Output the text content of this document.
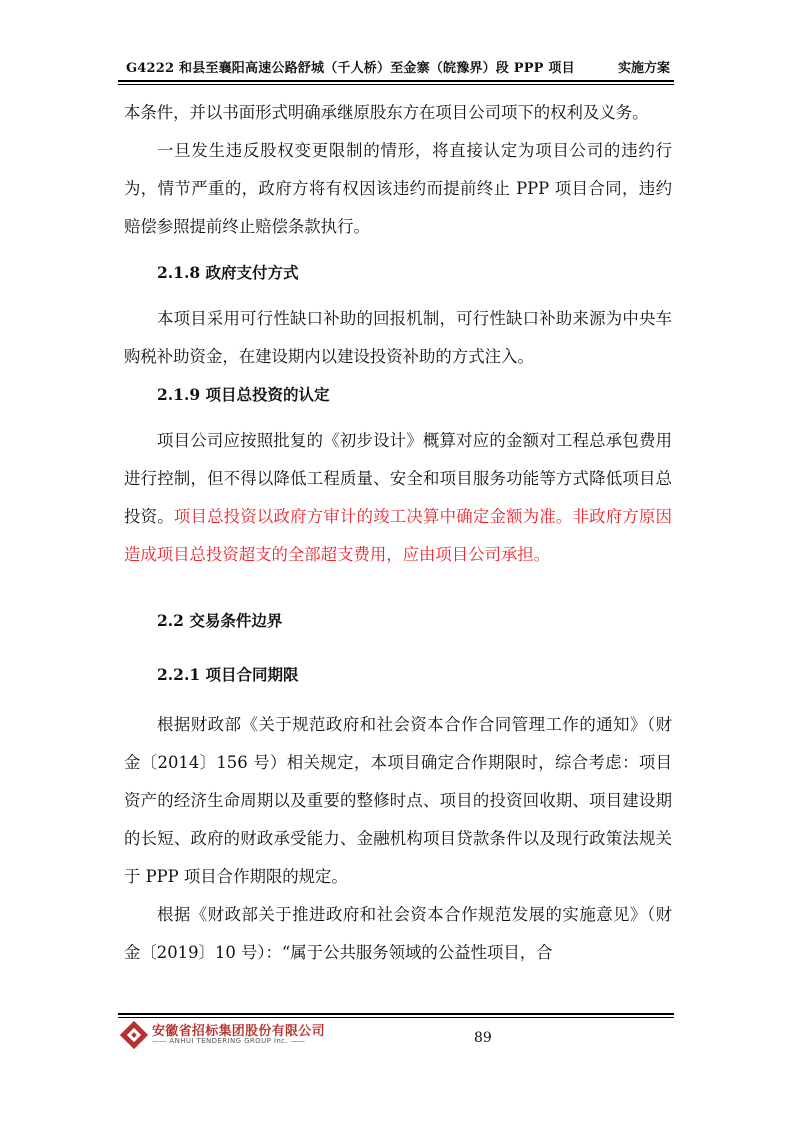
G4222 和县至襄阳高速公路舒城（千人桥）至金寨（皖豫界）段 PPP 项目	实施方案

本条件，并以书面形式明确承继原股东方在项目公司项下的权利及义务。

一旦发生违反股权变更限制的情形，将直接认定为项目公司的违约行为，情节严重的，政府方将有权因该违约而提前终止 PPP 项目合同，违约赔偿参照提前终止赔偿条款执行。

2.1.8 政府支付方式

本项目采用可行性缺口补助的回报机制，可行性缺口补助来源为中央车购税补助资金，在建设期内以建设投资补助的方式注入。

2.1.9 项目总投资的认定

项目公司应按照批复的《初步设计》概算对应的金额对工程总承包费用进行控制，但不得以降低工程质量、安全和项目服务功能等方式降低项目总投资。项目总投资以政府方审计的竣工决算中确定金额为准。非政府方原因造成项目总投资超支的全部超支费用，应由项目公司承担。

2.2 交易条件边界
2.2.1 项目合同期限

根据财政部《关于规范政府和社会资本合作合同管理工作的通知》（财金〔2014〕156 号）相关规定，本项目确定合作期限时，综合考虑：项目资产的经济生命周期以及重要的整修时点、项目的投资回收期、项目建设期的长短、政府的财政承受能力、金融机构项目贷款条件以及现行政策法规关于 PPP 项目合作期限的规定。

根据《财政部关于推进政府和社会资本合作规范发展的实施意见》（财金〔2019〕10 号）：“属于公共服务领域的公益性项目，合

安徽省招标集团股份有限公司
—— ANHUI TENDERING GROUP Inc. ——	89
